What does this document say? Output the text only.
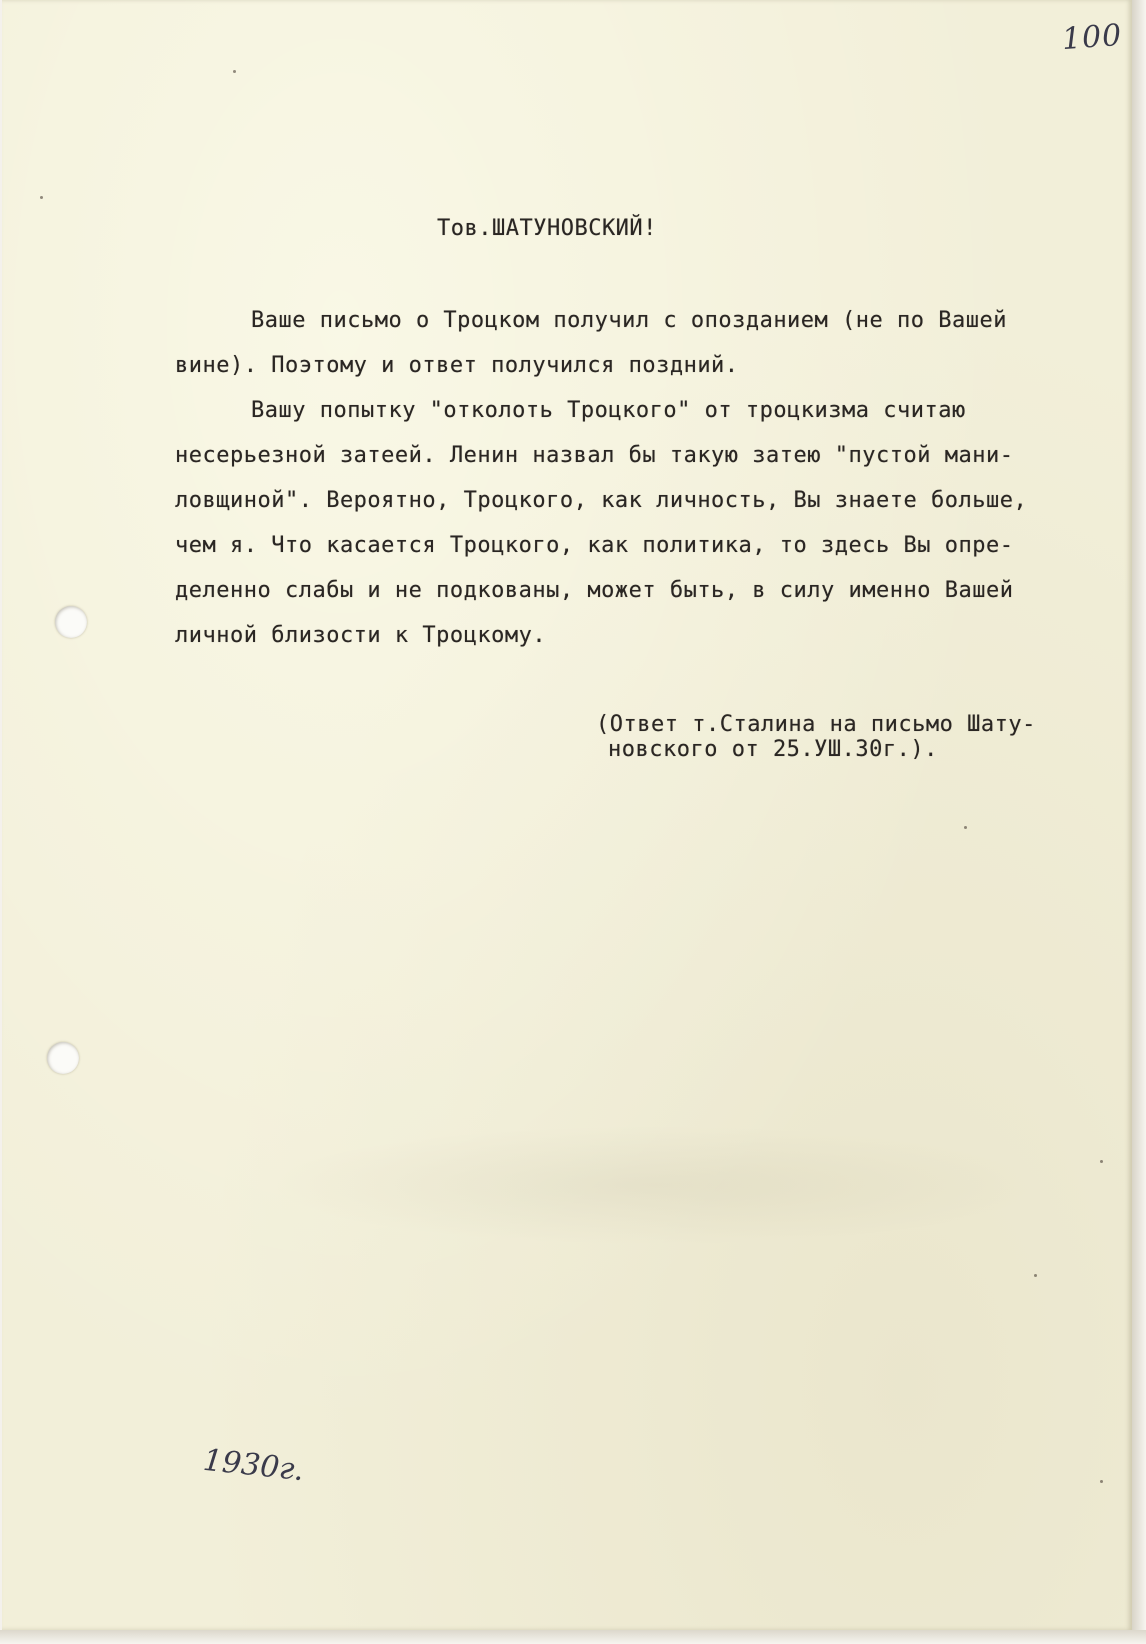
100
Тов.ШАТУНОВСКИЙ!
Ваше письмо о Троцком получил с опозданием (не по Вашей
вине). Поэтому и ответ получился поздний.
Вашу попытку "отколоть Троцкого" от троцкизма считаю
несерьезной затеей. Ленин назвал бы такую затею "пустой мани-
ловщиной". Вероятно, Троцкого, как личность, Вы знаете больше,
чем я. Что касается Троцкого, как политика, то здесь Вы опре-
деленно слабы и не подкованы, может быть, в силу именно Вашей
личной близости к Троцкому.
(Ответ т.Сталина на письмо Шату-
новского от 25.УШ.30г.).
1930г.
